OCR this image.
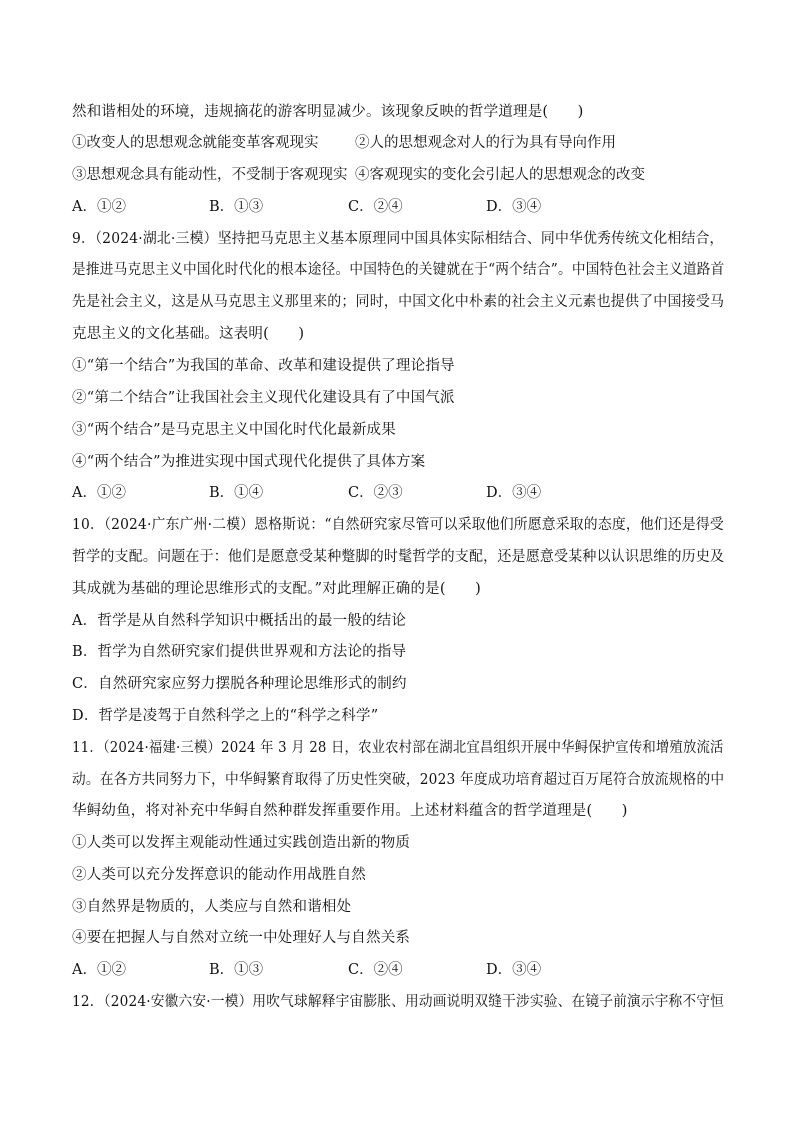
然和谐相处的环境，违规摘花的游客明显减少。该现象反映的哲学道理是(　　)
①改变人的思想观念就能变革客观现实	②人的思想观念对人的行为具有导向作用
③思想观念具有能动性，不受制于客观现实 ④客观现实的变化会引起人的思想观念的改变
A．①②	B．①③	C．②④	D．③④
9．（2024·湖北·三模）坚持把马克思主义基本原理同中国具体实际相结合、同中华优秀传统文化相结合，
是推进马克思主义中国化时代化的根本途径。中国特色的关键就在于“两个结合”。中国特色社会主义道路首
先是社会主义，这是从马克思主义那里来的；同时，中国文化中朴素的社会主义元素也提供了中国接受马
克思主义的文化基础。这表明(　　)
①“第一个结合”为我国的革命、改革和建设提供了理论指导
②“第二个结合”让我国社会主义现代化建设具有了中国气派
③“两个结合”是马克思主义中国化时代化最新成果
④“两个结合”为推进实现中国式现代化提供了具体方案
A．①②	B．①④	C．②③	D．③④
10．（2024·广东广州·二模）恩格斯说：“自然研究家尽管可以采取他们所愿意采取的态度，他们还是得受
哲学的支配。问题在于：他们是愿意受某种蹩脚的时髦哲学的支配，还是愿意受某种以认识思维的历史及
其成就为基础的理论思维形式的支配。”对此理解正确的是(　　)
A．哲学是从自然科学知识中概括出的最一般的结论
B．哲学为自然研究家们提供世界观和方法论的指导
C．自然研究家应努力摆脱各种理论思维形式的制约
D．哲学是凌驾于自然科学之上的“科学之科学”
11．（2024·福建·三模）2024 年 3 月 28 日，农业农村部在湖北宜昌组织开展中华鲟保护宣传和增殖放流活
动。在各方共同努力下，中华鲟繁育取得了历史性突破，2023 年度成功培育超过百万尾符合放流规格的中
华鲟幼鱼，将对补充中华鲟自然种群发挥重要作用。上述材料蕴含的哲学道理是(　　)
①人类可以发挥主观能动性通过实践创造出新的物质
②人类可以充分发挥意识的能动作用战胜自然
③自然界是物质的，人类应与自然和谐相处
④要在把握人与自然对立统一中处理好人与自然关系
A．①②	B．①③	C．②④	D．③④
12．（2024·安徽六安·一模）用吹气球解释宇宙膨胀、用动画说明双缝干涉实验、在镜子前演示宇称不守恒
